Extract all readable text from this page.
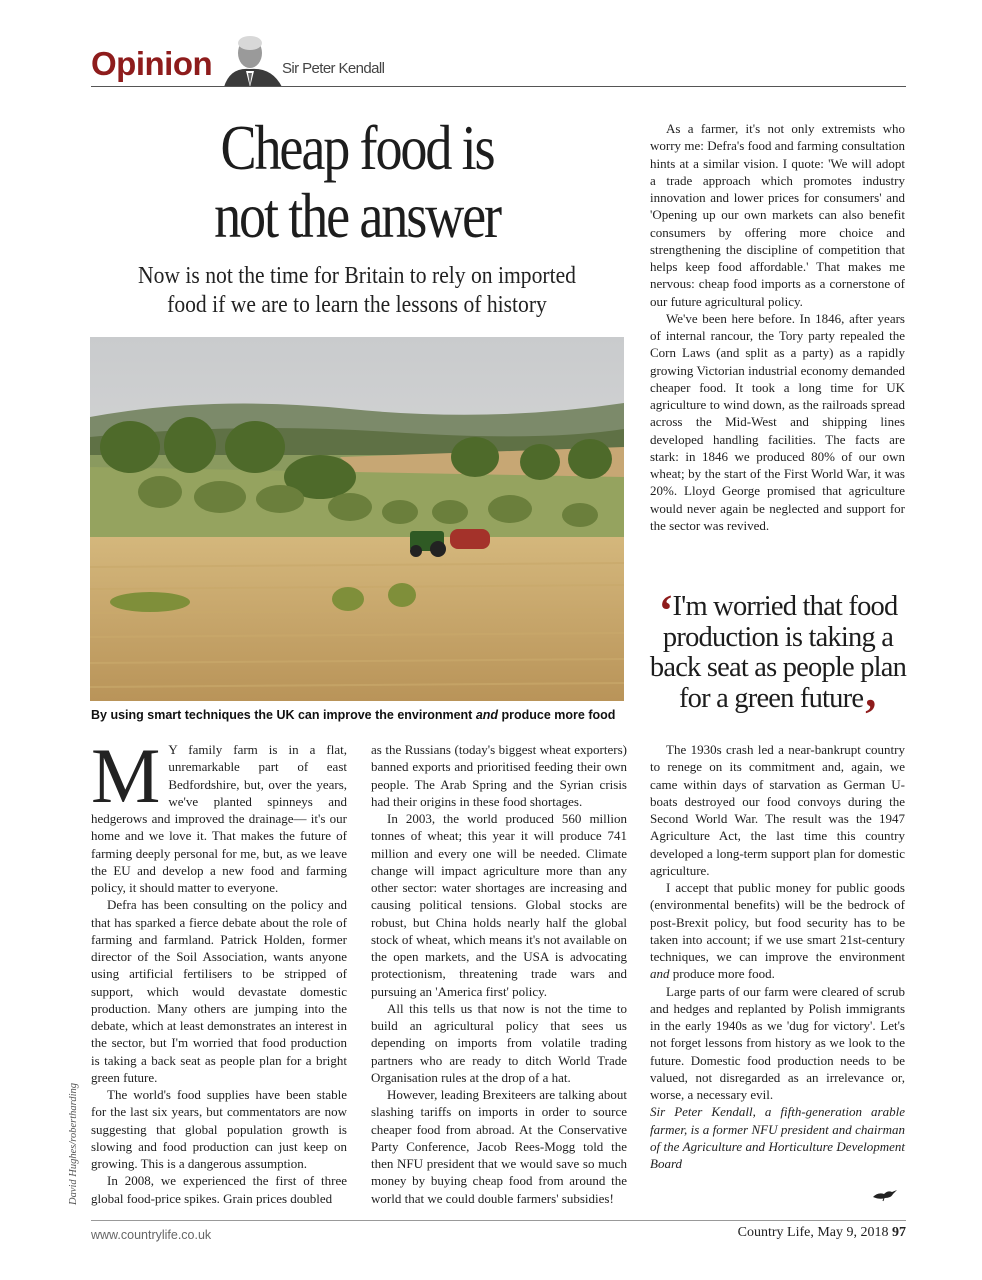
Opinion	Sir Peter Kendall
Cheap food is
not the answer
Now is not the time for Britain to rely on imported
food if we are to learn the lessons of history
By using smart techniques the UK can improve the environment and produce more food

As a farmer, it's not only extremists who worry me: Defra's food and farming consultation hints at a similar vision. I quote: 'We will adopt a trade approach which promotes industry innovation and lower prices for consumers' and 'Opening up our own markets can also benefit consumers by offering more choice and strengthening the discipline of competition that helps keep food affordable.' That makes me nervous: cheap food imports as a cornerstone of our future agricultural policy.

We've been here before. In 1846, after years of internal rancour, the Tory party repealed the Corn Laws (and split as a party) as a rapidly growing Victorian industrial economy demanded cheaper food. It took a long time for UK agriculture to wind down, as the railroads spread across the Mid-West and shipping lines developed handling facilities. The facts are stark: in 1846 we produced 80% of our own wheat; by the start of the First World War, it was 20%. Lloyd George promised that agriculture would never again be neglected and support for the sector was revived.

‘I'm worried that food production is taking a back seat as people plan for a green future’

M Y family farm is in a flat, unremarkable part of east Bedfordshire, but, over the years, we've planted spinneys and hedgerows and improved the drainage— it's our home and we love it. That makes the future of farming deeply personal for me, but, as we leave the EU and develop a new food and farming policy, it should matter to everyone.

Defra has been consulting on the policy and that has sparked a fierce debate about the role of farming and farmland. Patrick Holden, former director of the Soil Association, wants anyone using artificial fertilisers to be stripped of support, which would devastate domestic production. Many others are jumping into the debate, which at least demonstrates an interest in the sector, but I'm worried that food production is taking a back seat as people plan for a bright green future.

The world's food supplies have been stable for the last six years, but commentators are now suggesting that global population growth is slowing and food production can just keep on growing. This is a dangerous assumption.

In 2008, we experienced the first of three global food-price spikes. Grain prices doubled

David Hughes/robertharding

as the Russians (today's biggest wheat exporters) banned exports and prioritised feeding their own people. The Arab Spring and the Syrian crisis had their origins in these food shortages.

In 2003, the world produced 560 million tonnes of wheat; this year it will produce 741 million and every one will be needed. Climate change will impact agriculture more than any other sector: water shortages are increasing and causing political tensions. Global stocks are robust, but China holds nearly half the global stock of wheat, which means it's not available on the open markets, and the USA is advocating protectionism, threatening trade wars and pursuing an 'America first' policy.

All this tells us that now is not the time to build an agricultural policy that sees us depending on imports from volatile trading partners who are ready to ditch World Trade Organisation rules at the drop of a hat.

However, leading Brexiteers are talking about slashing tariffs on imports in order to source cheaper food from abroad. At the Conservative Party Conference, Jacob Rees-Mogg told the then NFU president that we would save so much money by buying cheap food from around the world that we could double farmers' subsidies!

The 1930s crash led a near-bankrupt country to renege on its commitment and, again, we came within days of starvation as German U-boats destroyed our food convoys during the Second World War. The result was the 1947 Agriculture Act, the last time this country developed a long-term support plan for domestic agriculture.

I accept that public money for public goods (environmental benefits) will be the bedrock of post-Brexit policy, but food security has to be taken into account; if we use smart 21st-century techniques, we can improve the environment and produce more food.

Large parts of our farm were cleared of scrub and hedges and replanted by Polish immigrants in the early 1940s as we 'dug for victory'. Let's not forget lessons from history as we look to the future. Domestic food production needs to be valued, not disregarded as an irrelevance or, worse, a necessary evil.

Sir Peter Kendall, a fifth-generation arable farmer, is a former NFU president and chairman of the Agriculture and Horticulture Development Board

www.countrylife.co.uk	Country Life, May 9, 2018 97
